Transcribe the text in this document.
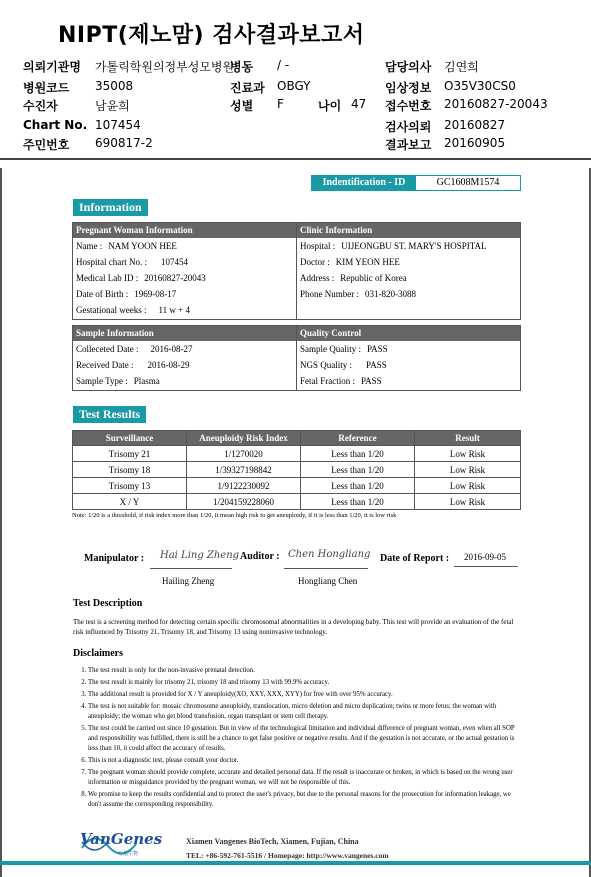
NIPT(제노맘) 검사결과보고서
의뢰기관명 가톨릭학원의정부성모병원
병동 / -	담당의사 김연희
병원코드 35008	진료과 OBGY	임상정보 O35V30CS0
수진자	남윤희	성별 F	나이 47 접수번호 20160827-20043
Chart No. 107454	검사의뢰 20160827
주민번호 690817-2	결과보고 20160905
Indentification - ID	GC1608M1574
Information
Pregnant Woman Information
Name : NAM YOON HEE
Hospital chart No. : 107454
Medical Lab ID : 20160827-20043
Date of Birth : 1969-08-17
Gestational weeks : 11 w + 4
Clinic Information
Hospital : UIJEONGBU ST. MARY'S HOSPITAL
Doctor : KIM YEON HEE
Address : Republic of Korea
Phone Number : 031-820-3088
Sample Information
Colleceted Date : 2016-08-27
Received Date : 2016-08-29
Sample Type : Plasma
Quality Control
Sample Quality : PASS
NGS Quality : PASS
Fetal Fraction : PASS
Test Results
Surveillance	Aneuploidy Risk Index	Reference	Result
Trisomy 21	1/1270020	Less than 1/20	Low Risk
Trisomy 18	1/39327198842	Less than 1/20	Low Risk
Trisomy 13	1/9122230092	Less than 1/20	Low Risk
X / Y	1/204159228060	Less than 1/20	Low Risk
Note: 1/20 is a threshold, if risk index more than 1/20, it mean high risk to get aneuploidy, if it is less than 1/20, it is low risk
Manipulator : Hai Ling Zheng
Hailing Zheng
Auditor : Chen Hongliang
Hongliang Chen
Date of Report : 2016-09-05
Test Description
The test is a screening method for detecting certain specific chromosomal abnormalities in a developing baby. This test will provide an evaluation of the fetal risk influenced by Trisomy 21, Trisomy 18, and Trisomy 13 using noninvasive technology.
Disclaimers
1. The test result is only for the non-invasive prenatal detection.
2. The test result is mainly for trisomy 21, trisomy 18 and trisomy 13 with 99.9% accuracy.
3. The additional result is provided for X / Y aneuploidy(XO, XXY, XXX, XYY) for free with over 95% accuracy.
4. The test is not suitable for: mosaic chromosome aneuploidy, translocation, micro deletion and micro duplication; twins or more fetus; the woman with aneuploidy; the woman who get blood transfusion, organ transplant or stem cell therapy.
5. The test could be carried out since 10 gestation. But in view of the technological limitation and individual difference of pregnant woman, even when all SOP and responsibility was fulfilled, there is still be a chance to get false positive or negative results. And if the gestation is not accurate, or the actual gestation is less than 10, it could affect the accuracy of results.
6. This is not a diagnostic test, please consult your doctor.
7. The pregnant woman should provide complete, accurate and detailed personal data. If the result is inaccurate or broken, in which is based on the wrong user information or misguidance provided by the pregnant woman, we will not be responsible of this.
8. We promise to keep the results confidential and to protect the user's privacy, but due to the personal reasons for the prosecution for information leakage, we don't assume the corresponding responsibility.
VanGenes
万基生物
Xiamen Vangenes BioTech, Xiamen, Fujian, China
TEL: +86-592-761-5516 / Homepage: http://www.vangenes.com
